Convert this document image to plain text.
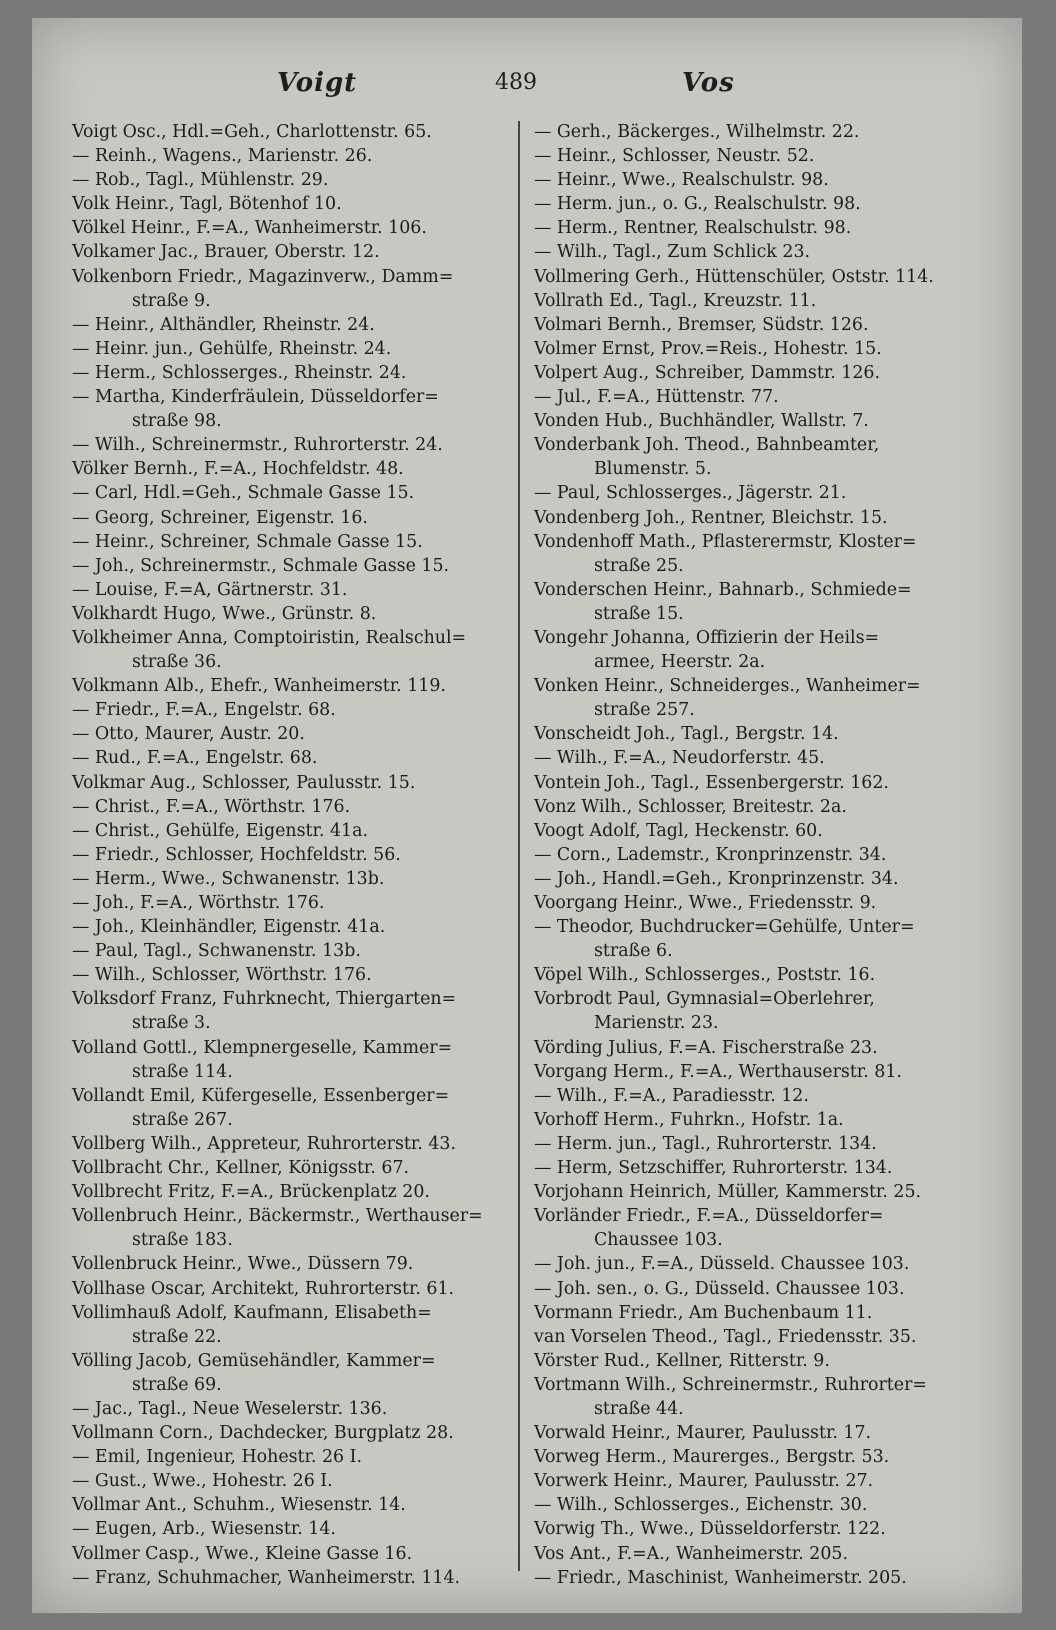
Voigt	489	Vos
Voigt Osc., Hdl.=Geh., Charlottenstr. 65.
— Reinh., Wagens., Marienstr. 26.
— Rob., Tagl., Mühlenstr. 29.
Volk Heinr., Tagl, Bötenhof 10.
Völkel Heinr., F.=A., Wanheimerstr. 106.
Volkamer Jac., Brauer, Oberstr. 12.
Volkenborn Friedr., Magazinverw., Damm=
straße 9.
— Heinr., Althändler, Rheinstr. 24.
— Heinr. jun., Gehülfe, Rheinstr. 24.
— Herm., Schlosserges., Rheinstr. 24.
— Martha, Kinderfräulein, Düsseldorfer=
straße 98.
— Wilh., Schreinermstr., Ruhrorterstr. 24.
Völker Bernh., F.=A., Hochfeldstr. 48.
— Carl, Hdl.=Geh., Schmale Gasse 15.
— Georg, Schreiner, Eigenstr. 16.
— Heinr., Schreiner, Schmale Gasse 15.
— Joh., Schreinermstr., Schmale Gasse 15.
— Louise, F.=A, Gärtnerstr. 31.
Volkhardt Hugo, Wwe., Grünstr. 8.
Volkheimer Anna, Comptoiristin, Realschul=
straße 36.
Volkmann Alb., Ehefr., Wanheimerstr. 119.
— Friedr., F.=A., Engelstr. 68.
— Otto, Maurer, Austr. 20.
— Rud., F.=A., Engelstr. 68.
Volkmar Aug., Schlosser, Paulusstr. 15.
— Christ., F.=A., Wörthstr. 176.
— Christ., Gehülfe, Eigenstr. 41a.
— Friedr., Schlosser, Hochfeldstr. 56.
— Herm., Wwe., Schwanenstr. 13b.
— Joh., F.=A., Wörthstr. 176.
— Joh., Kleinhändler, Eigenstr. 41a.
— Paul, Tagl., Schwanenstr. 13b.
— Wilh., Schlosser, Wörthstr. 176.
Volksdorf Franz, Fuhrknecht, Thiergarten=
straße 3.
Volland Gottl., Klempnergeselle, Kammer=
straße 114.
Vollandt Emil, Küfergeselle, Essenberger=
straße 267.
Vollberg Wilh., Appreteur, Ruhrorterstr. 43.
Vollbracht Chr., Kellner, Königsstr. 67.
Vollbrecht Fritz, F.=A., Brückenplatz 20.
Vollenbruch Heinr., Bäckermstr., Werthauser=
straße 183.
Vollenbruck Heinr., Wwe., Düssern 79.
Vollhase Oscar, Architekt, Ruhrorterstr. 61.
Vollimhauß Adolf, Kaufmann, Elisabeth=
straße 22.
Völling Jacob, Gemüsehändler, Kammer=
straße 69.
— Jac., Tagl., Neue Weselerstr. 136.
Vollmann Corn., Dachdecker, Burgplatz 28.
— Emil, Ingenieur, Hohestr. 26 I.
— Gust., Wwe., Hohestr. 26 I.
Vollmar Ant., Schuhm., Wiesenstr. 14.
— Eugen, Arb., Wiesenstr. 14.
Vollmer Casp., Wwe., Kleine Gasse 16.
— Franz, Schuhmacher, Wanheimerstr. 114.
— Gerh., Bäckerges., Wilhelmstr. 22.
— Heinr., Schlosser, Neustr. 52.
— Heinr., Wwe., Realschulstr. 98.
— Herm. jun., o. G., Realschulstr. 98.
— Herm., Rentner, Realschulstr. 98.
— Wilh., Tagl., Zum Schlick 23.
Vollmering Gerh., Hüttenschüler, Oststr. 114.
Vollrath Ed., Tagl., Kreuzstr. 11.
Volmari Bernh., Bremser, Südstr. 126.
Volmer Ernst, Prov.=Reis., Hohestr. 15.
Volpert Aug., Schreiber, Dammstr. 126.
— Jul., F.=A., Hüttenstr. 77.
Vonden Hub., Buchhändler, Wallstr. 7.
Vonderbank Joh. Theod., Bahnbeamter,
Blumenstr. 5.
— Paul, Schlosserges., Jägerstr. 21.
Vondenberg Joh., Rentner, Bleichstr. 15.
Vondenhoff Math., Pflasterermstr, Kloster=
straße 25.
Vonderschen Heinr., Bahnarb., Schmiede=
straße 15.
Vongehr Johanna, Offizierin der Heils=
armee, Heerstr. 2a.
Vonken Heinr., Schneiderges., Wanheimer=
straße 257.
Vonscheidt Joh., Tagl., Bergstr. 14.
— Wilh., F.=A., Neudorferstr. 45.
Vontein Joh., Tagl., Essenbergerstr. 162.
Vonz Wilh., Schlosser, Breitestr. 2a.
Voogt Adolf, Tagl, Heckenstr. 60.
— Corn., Lademstr., Kronprinzenstr. 34.
— Joh., Handl.=Geh., Kronprinzenstr. 34.
Voorgang Heinr., Wwe., Friedensstr. 9.
— Theodor, Buchdrucker=Gehülfe, Unter=
straße 6.
Vöpel Wilh., Schlosserges., Poststr. 16.
Vorbrodt Paul, Gymnasial=Oberlehrer,
Marienstr. 23.
Vörding Julius, F.=A. Fischerstraße 23.
Vorgang Herm., F.=A., Werthauserstr. 81.
— Wilh., F.=A., Paradiesstr. 12.
Vorhoff Herm., Fuhrkn., Hofstr. 1a.
— Herm. jun., Tagl., Ruhrorterstr. 134.
— Herm, Setzschiffer, Ruhrorterstr. 134.
Vorjohann Heinrich, Müller, Kammerstr. 25.
Vorländer Friedr., F.=A., Düsseldorfer=
Chaussee 103.
— Joh. jun., F.=A., Düsseld. Chaussee 103.
— Joh. sen., o. G., Düsseld. Chaussee 103.
Vormann Friedr., Am Buchenbaum 11.
van Vorselen Theod., Tagl., Friedensstr. 35.
Vörster Rud., Kellner, Ritterstr. 9.
Vortmann Wilh., Schreinermstr., Ruhrorter=
straße 44.
Vorwald Heinr., Maurer, Paulusstr. 17.
Vorweg Herm., Maurerges., Bergstr. 53.
Vorwerk Heinr., Maurer, Paulusstr. 27.
— Wilh., Schlosserges., Eichenstr. 30.
Vorwig Th., Wwe., Düsseldorferstr. 122.
Vos Ant., F.=A., Wanheimerstr. 205.
— Friedr., Maschinist, Wanheimerstr. 205.
